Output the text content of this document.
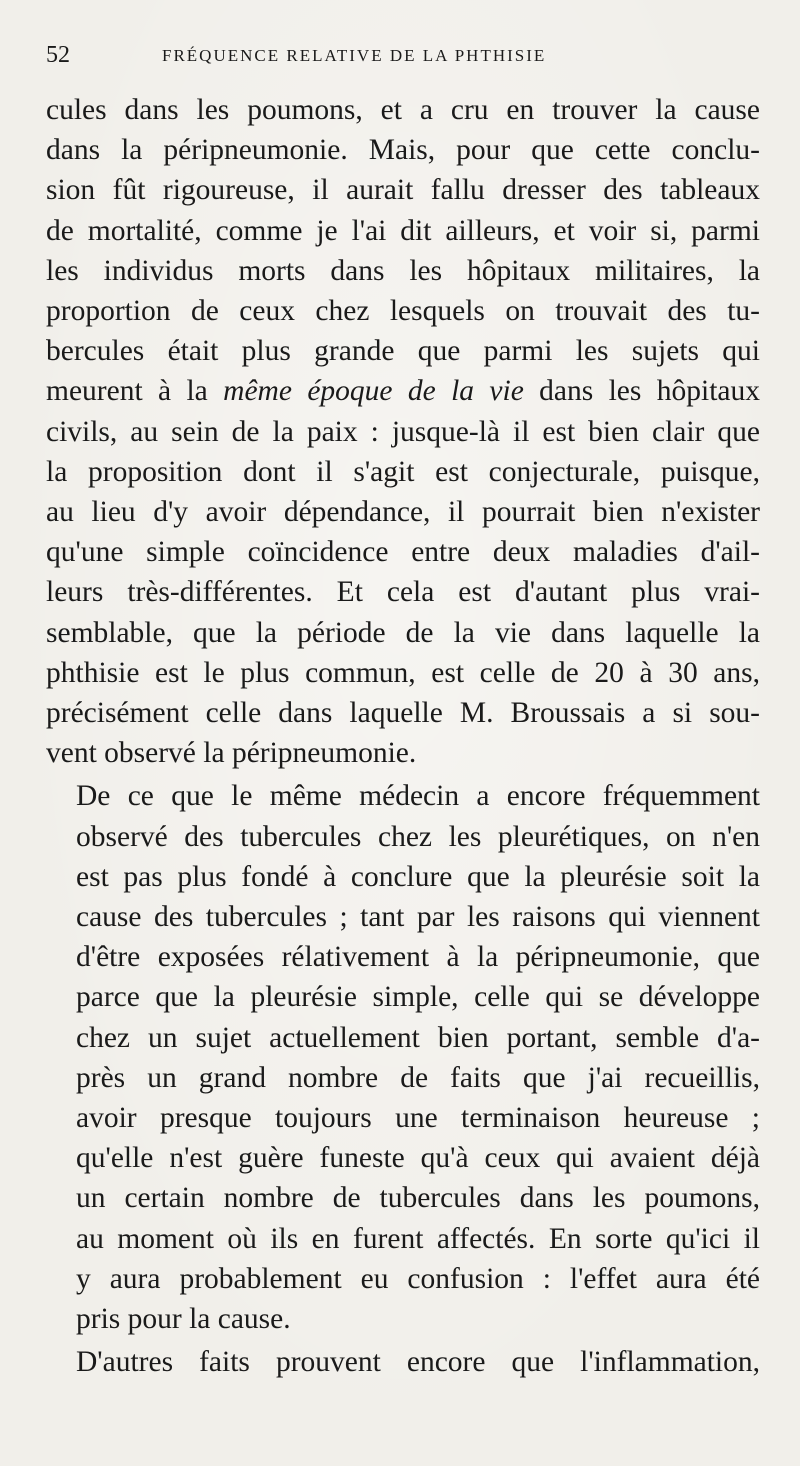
52	FRÉQUENCE RELATIVE DE LA PHTHISIE

cules dans les poumons, et a cru en trouver la cause
dans la péripneumonie. Mais, pour que cette conclu-
sion fût rigoureuse, il aurait fallu dresser des tableaux
de mortalité, comme je l'ai dit ailleurs, et voir si, parmi
les individus morts dans les hôpitaux militaires, la
proportion de ceux chez lesquels on trouvait des tu-
bercules était plus grande que parmi les sujets qui
meurent à la même époque de la vie dans les hôpitaux
civils, au sein de la paix : jusque-là il est bien clair que
la proposition dont il s'agit est conjecturale, puisque,
au lieu d'y avoir dépendance, il pourrait bien n'exister
qu'une simple coïncidence entre deux maladies d'ail-
leurs très-différentes. Et cela est d'autant plus vrai-
semblable, que la période de la vie dans laquelle la
phthisie est le plus commun, est celle de 20 à 30 ans,
précisément celle dans laquelle M. Broussais a si sou-
vent observé la péripneumonie.

De ce que le même médecin a encore fréquemment
observé des tubercules chez les pleurétiques, on n'en
est pas plus fondé à conclure que la pleurésie soit la
cause des tubercules ; tant par les raisons qui viennent
d'être exposées rélativement à la péripneumonie, que
parce que la pleurésie simple, celle qui se développe
chez un sujet actuellement bien portant, semble d'a-
près un grand nombre de faits que j'ai recueillis,
avoir presque toujours une terminaison heureuse ;
qu'elle n'est guère funeste qu'à ceux qui avaient déjà
un certain nombre de tubercules dans les poumons,
au moment où ils en furent affectés. En sorte qu'ici il
y aura probablement eu confusion : l'effet aura été
pris pour la cause.

D'autres faits prouvent encore que l'inflammation,
